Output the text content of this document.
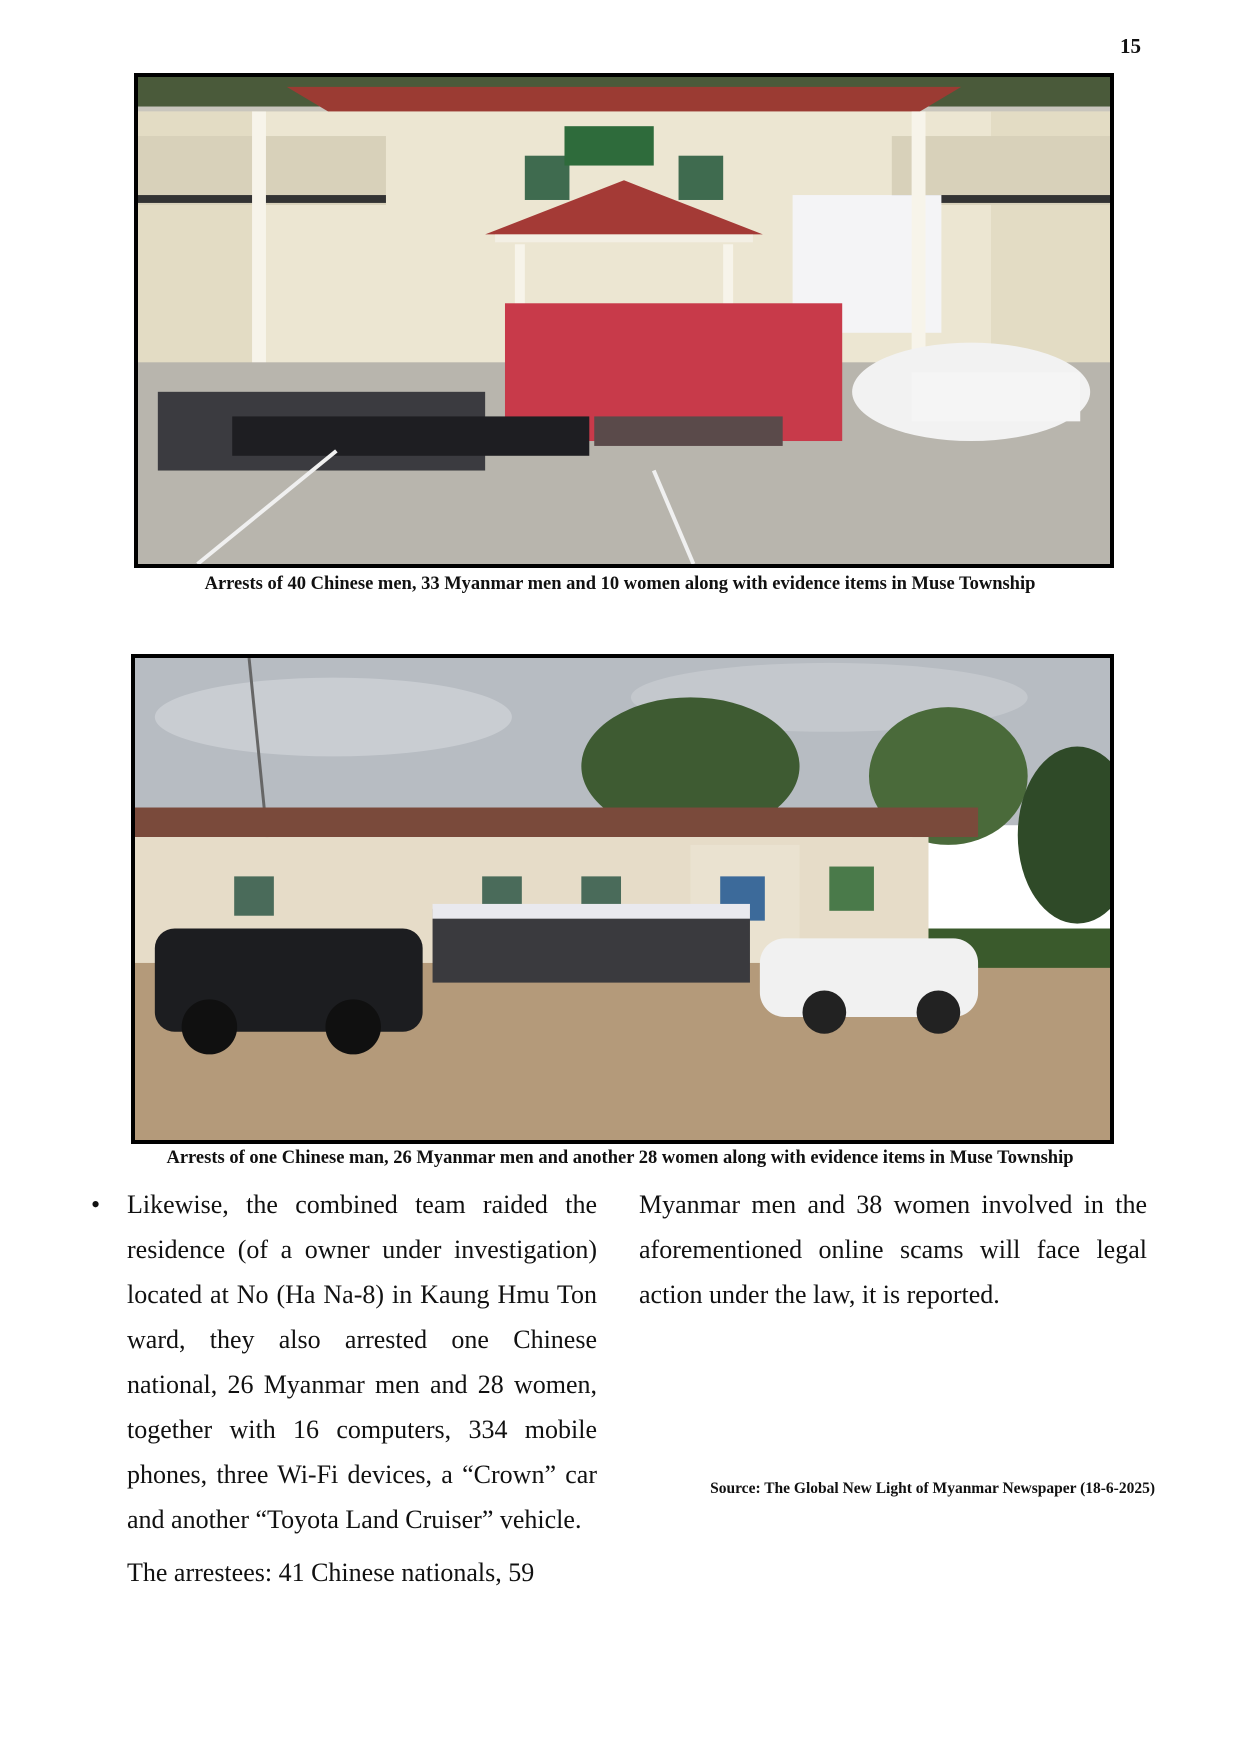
15
Arrests of 40 Chinese men, 33 Myanmar men and 10 women along with evidence items in Muse Township
Arrests of one Chinese man, 26 Myanmar men and another 28 women along with evidence items in Muse Township
• Likewise, the combined team raided the residence (of a owner under investigation) located at No (Ha Na-8) in Kaung Hmu Ton ward, they also arrested one Chinese national, 26 Myanmar men and 28 women, together with 16 computers, 334 mobile phones, three Wi-Fi devices, a “Crown” car and another “Toyota Land Cruiser” vehicle.

The arrestees: 41 Chinese nationals, 59

Myanmar men and 38 women involved in the aforementioned online scams will face legal action under the law, it is reported.

Source: The Global New Light of Myanmar Newspaper (18-6-2025)
